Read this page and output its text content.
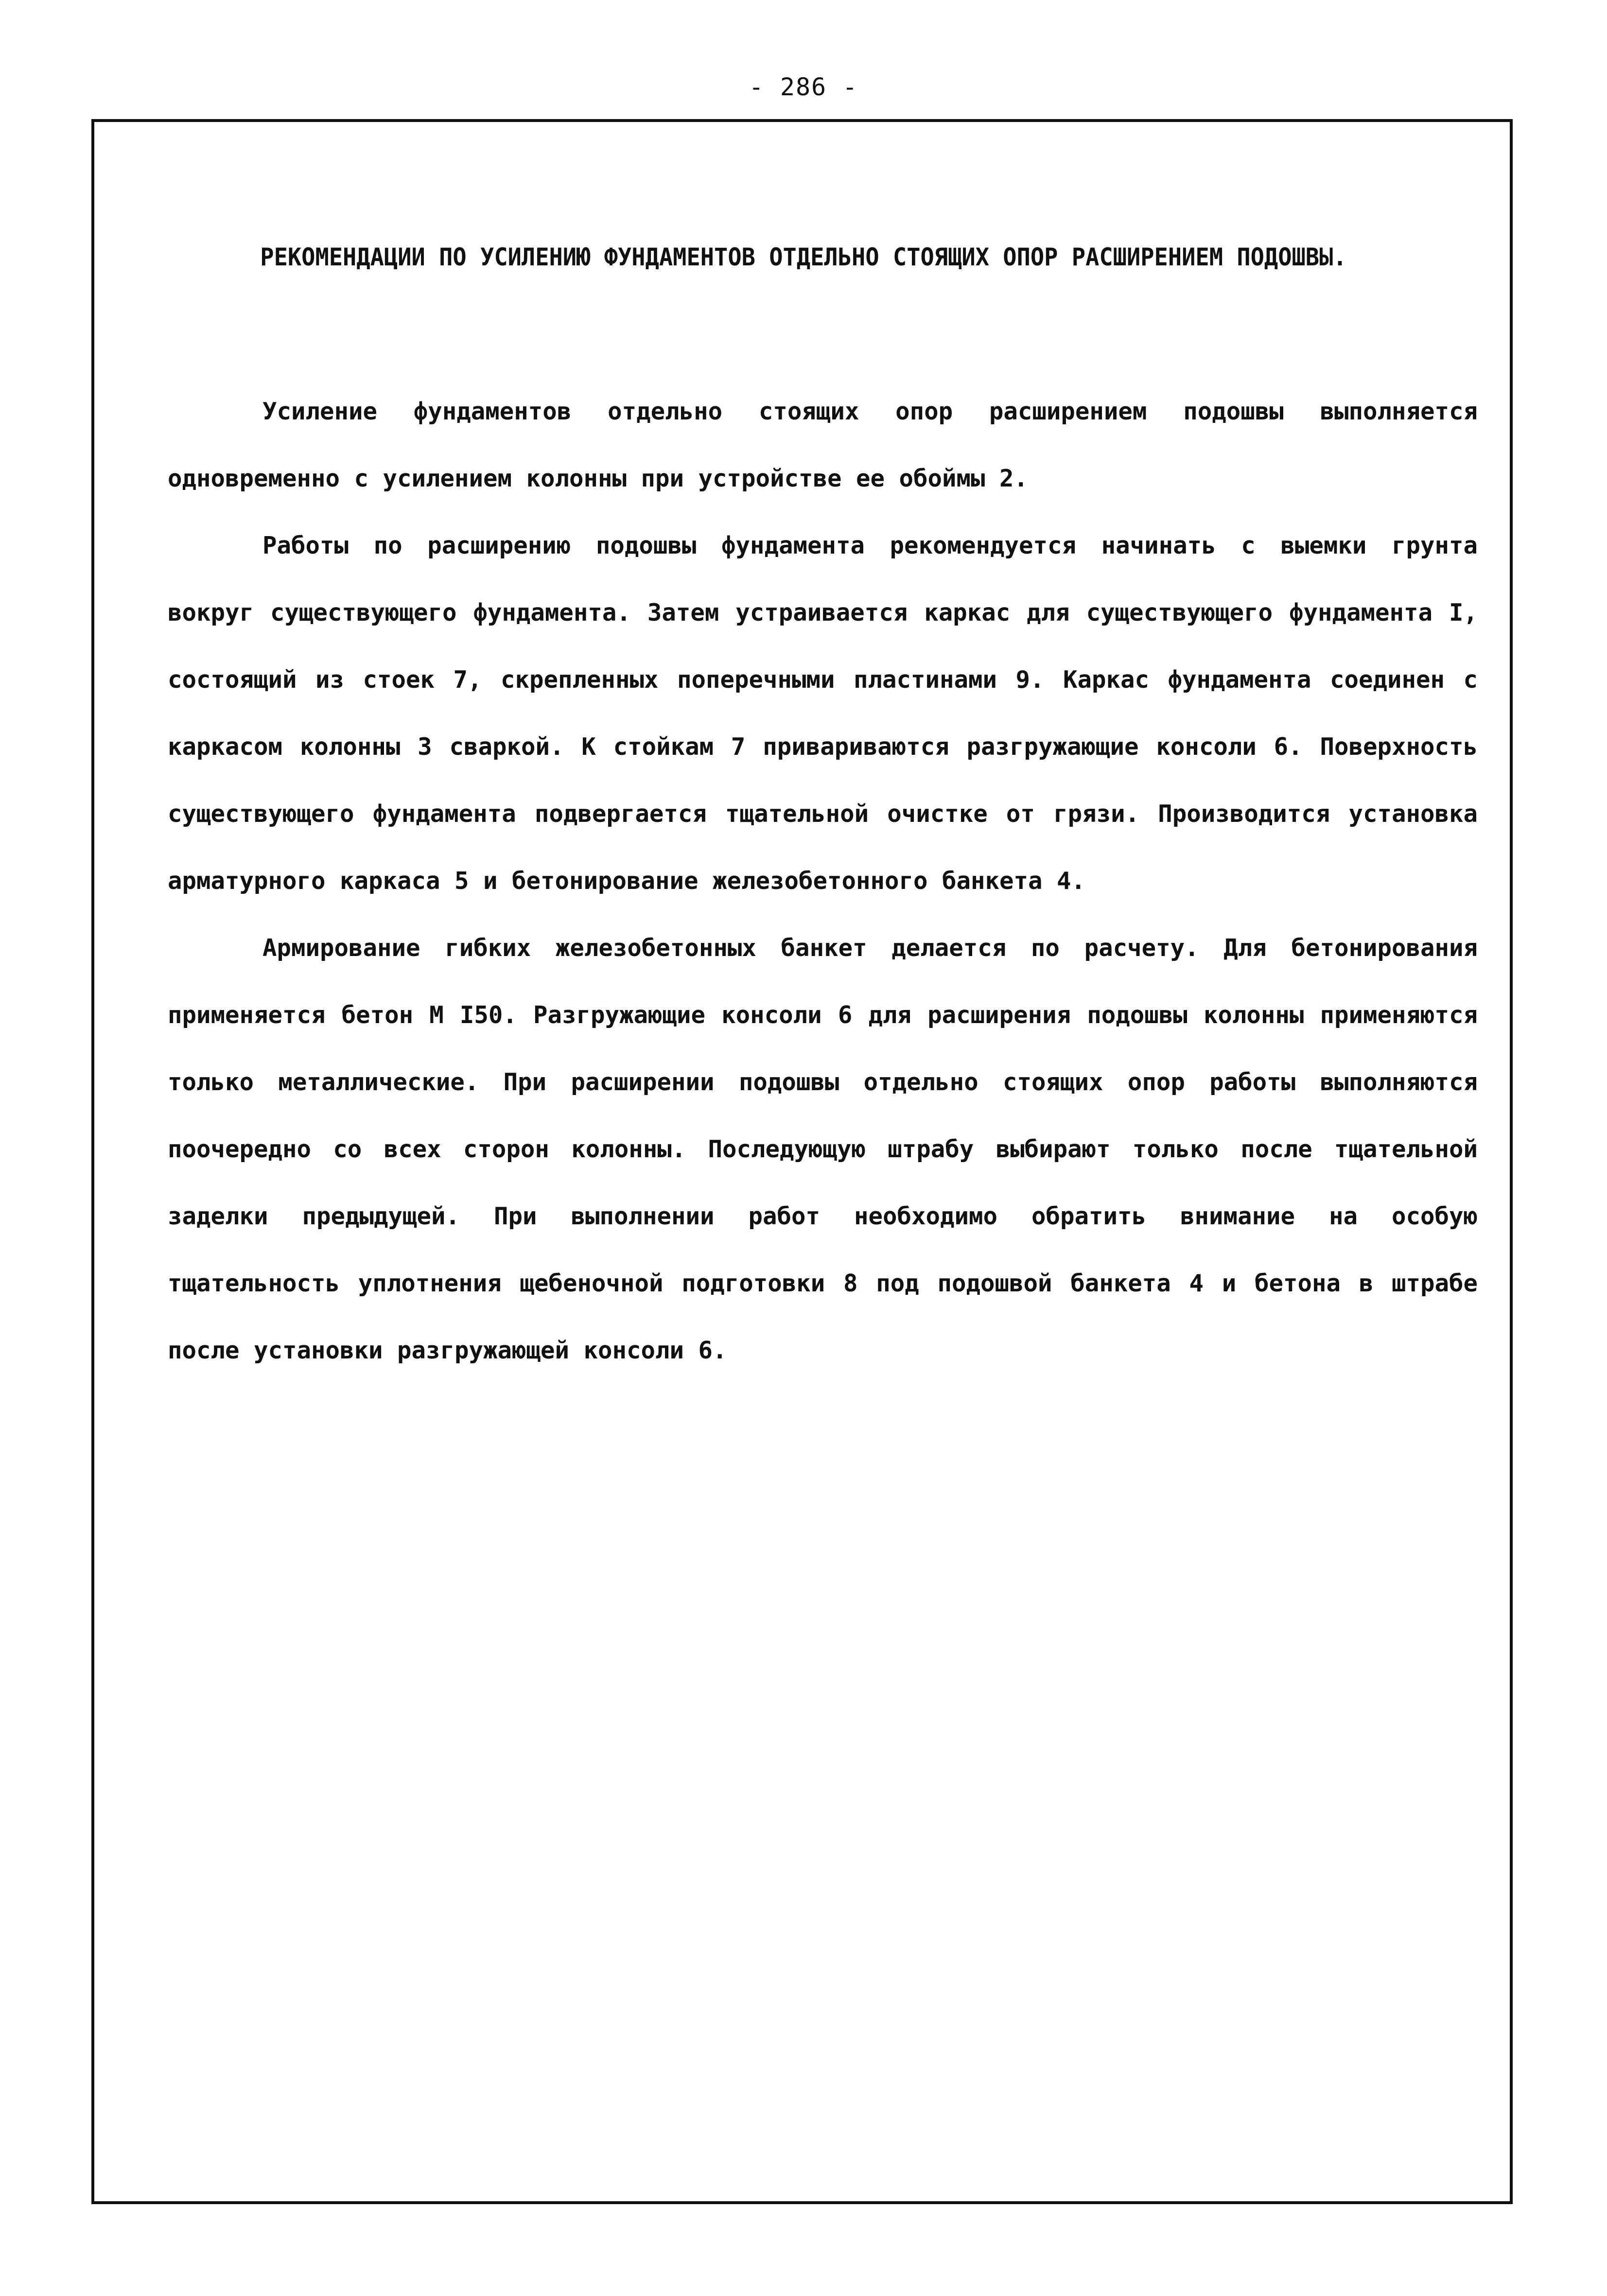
- 286 -
РЕКОМЕНДАЦИИ ПО УСИЛЕНИЮ ФУНДАМЕНТОВ ОТДЕЛЬНО СТОЯЩИХ ОПОР РАСШИРЕНИЕМ ПОДОШВЫ.

Усиление фундаментов отдельно стоящих опор расширением подошвы выполняется одновременно с усилением колонны при устройстве ее обоймы 2.

Работы по расширению подошвы фундамента рекомендуется начинать с выемки грунта вокруг существующего фундамента. Затем устраивается каркас для существующего фундамента I, состоящий из стоек 7, скрепленных поперечными пластинами 9. Каркас фундамента соединен с каркасом колонны 3 сваркой. К стойкам 7 привариваются разгружающие консоли 6. Поверхность существующего фундамента подвергается тщательной очистке от грязи. Производится установка арматурного каркаса 5 и бетонирование железобетонного банкета 4.

Армирование гибких железобетонных банкет делается по расчету. Для бетонирования применяется бетон М I50. Разгружающие консоли 6 для расширения подошвы колонны применяются только металлические. При расширении подошвы отдельно стоящих опор работы выполняются поочередно со всех сторон колонны. Последующую штрабу выбирают только после тщательной заделки предыдущей. При выполнении работ необходимо обратить внимание на особую тщательность уплотнения щебеночной подготовки 8 под подошвой банкета 4 и бетона в штрабе после установки разгружающей консоли 6.
